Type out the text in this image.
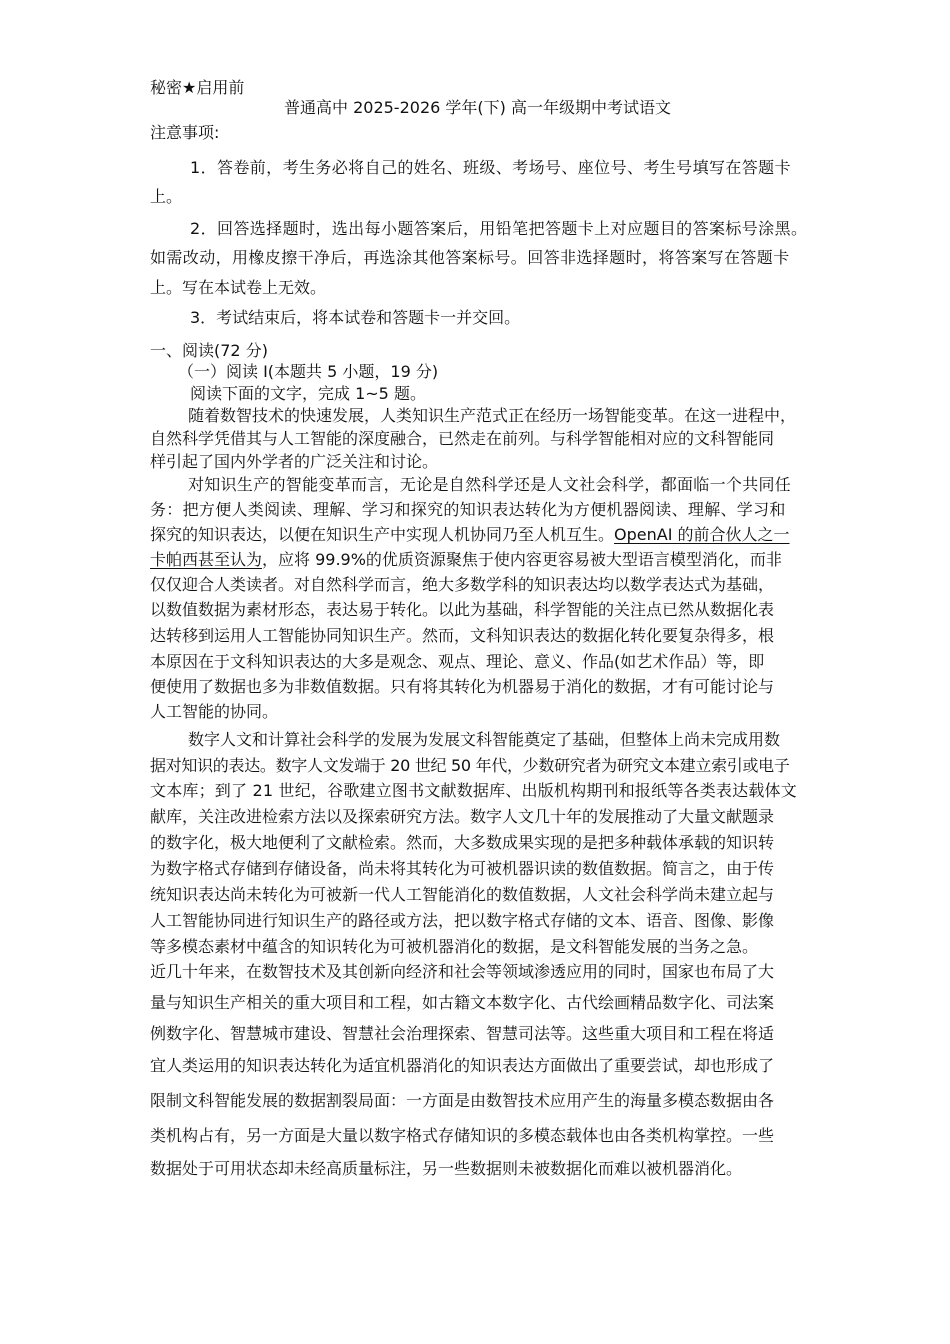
秘密★启用前
普通高中 2025-2026 学年(下) 高一年级期中考试语文
注意事项:
1．答卷前，考生务必将自己的姓名、班级、考场号、座位号、考生号填写在答题卡
上。
2．回答选择题时，选出每小题答案后，用铅笔把答题卡上对应题目的答案标号涂黑。
如需改动，用橡皮擦干净后，再选涂其他答案标号。回答非选择题时，将答案写在答题卡
上。写在本试卷上无效。
3．考试结束后，将本试卷和答题卡一并交回。
一、阅读(72 分)
（一）阅读 I(本题共 5 小题，19 分)
阅读下面的文字，完成 1~5 题。
随着数智技术的快速发展，人类知识生产范式正在经历一场智能变革。在这一进程中，
自然科学凭借其与人工智能的深度融合，已然走在前列。与科学智能相对应的文科智能同
样引起了国内外学者的广泛关注和讨论。
对知识生产的智能变革而言，无论是自然科学还是人文社会科学，都面临一个共同任
务：把方便人类阅读、理解、学习和探究的知识表达转化为方便机器阅读、理解、学习和
探究的知识表达，以便在知识生产中实现人机协同乃至人机互生。OpenAI 的前合伙人之一
卡帕西甚至认为，应将 99.9%的优质资源聚焦于使内容更容易被大型语言模型消化，而非
仅仅迎合人类读者。对自然科学而言，绝大多数学科的知识表达均以数学表达式为基础，
以数值数据为素材形态，表达易于转化。以此为基础，科学智能的关注点已然从数据化表
达转移到运用人工智能协同知识生产。然而，文科知识表达的数据化转化要复杂得多，根
本原因在于文科知识表达的大多是观念、观点、理论、意义、作品(如艺术作品）等，即
便使用了数据也多为非数值数据。只有将其转化为机器易于消化的数据，才有可能讨论与
人工智能的协同。
数字人文和计算社会科学的发展为发展文科智能奠定了基础，但整体上尚未完成用数
据对知识的表达。数字人文发端于 20 世纪 50 年代，少数研究者为研究文本建立索引或电子
文本库；到了 21 世纪，谷歌建立图书文献数据库、出版机构期刊和报纸等各类表达载体文
献库，关注改进检索方法以及探索研究方法。数字人文几十年的发展推动了大量文献题录
的数字化，极大地便利了文献检索。然而，大多数成果实现的是把多种载体承载的知识转
为数字格式存储到存储设备，尚未将其转化为可被机器识读的数值数据。简言之，由于传
统知识表达尚未转化为可被新一代人工智能消化的数值数据，人文社会科学尚未建立起与
人工智能协同进行知识生产的路径或方法，把以数字格式存储的文本、语音、图像、影像
等多模态素材中蕴含的知识转化为可被机器消化的数据，是文科智能发展的当务之急。
近几十年来，在数智技术及其创新向经济和社会等领域渗透应用的同时，国家也布局了大
量与知识生产相关的重大项目和工程，如古籍文本数字化、古代绘画精品数字化、司法案
例数字化、智慧城市建设、智慧社会治理探索、智慧司法等。这些重大项目和工程在将适
宜人类运用的知识表达转化为适宜机器消化的知识表达方面做出了重要尝试，却也形成了
限制文科智能发展的数据割裂局面：一方面是由数智技术应用产生的海量多模态数据由各
类机构占有，另一方面是大量以数字格式存储知识的多模态载体也由各类机构掌控。一些
数据处于可用状态却未经高质量标注，另一些数据则未被数据化而难以被机器消化。
